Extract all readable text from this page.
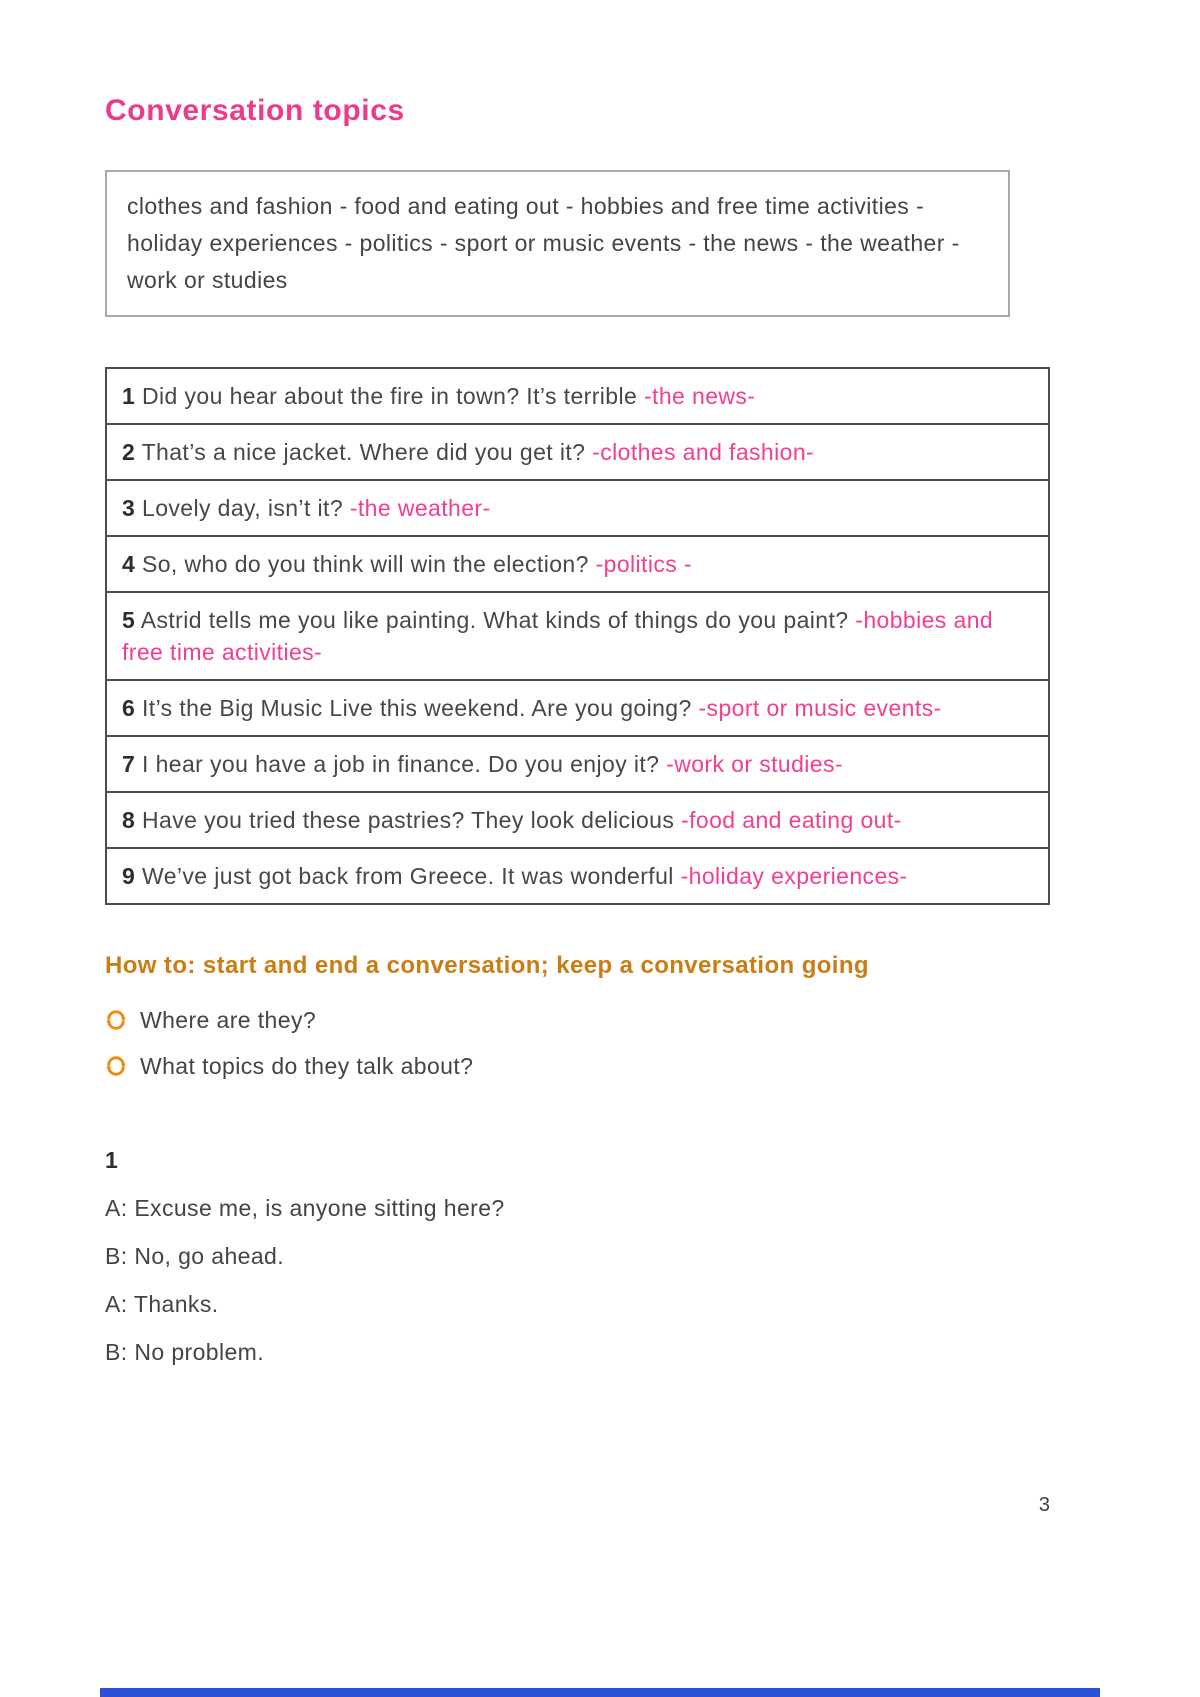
Conversation topics
clothes and fashion - food and eating out - hobbies and free time activities - holiday experiences - politics - sport or music events - the news - the weather - work or studies
1 Did you hear about the fire in town? It’s terrible -the news-
2 That’s a nice jacket. Where did you get it? -clothes and fashion-
3 Lovely day, isn’t it? -the weather-
4 So, who do you think will win the election? -politics -
5 Astrid tells me you like painting. What kinds of things do you paint? -hobbies and free time activities-
6 It’s the Big Music Live this weekend. Are you going? -sport or music events-
7 I hear you have a job in finance. Do you enjoy it? -work or studies-
8 Have you tried these pastries? They look delicious -food and eating out-
9 We’ve just got back from Greece. It was wonderful -holiday experiences-
How to: start and end a conversation; keep a conversation going
Where are they?
What topics do they talk about?
1
A: Excuse me, is anyone sitting here?
B: No, go ahead.
A: Thanks.
B: No problem.
3
